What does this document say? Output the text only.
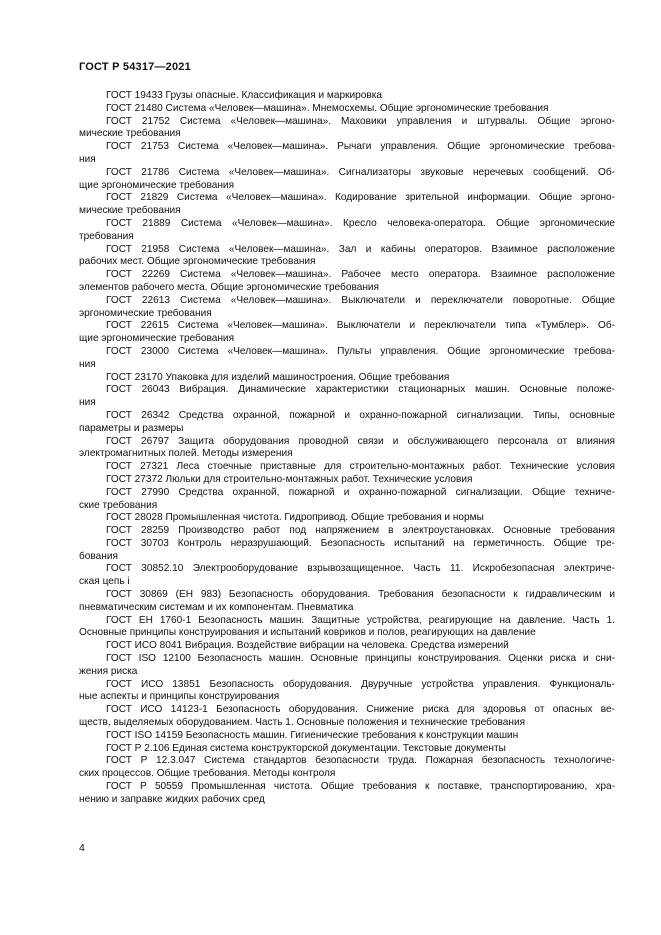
ГОСТ Р 54317—2021
ГОСТ 19433 Грузы опасные. Классификация и маркировка
ГОСТ 21480 Система «Человек—машина». Мнемосхемы. Общие эргономические требования
ГОСТ 21752 Система «Человек—машина». Маховики управления и штурвалы. Общие эргоно-
мические требования
ГОСТ 21753 Система «Человек—машина». Рычаги управления. Общие эргономические требова-
ния
ГОСТ 21786 Система «Человек—машина». Сигнализаторы звуковые неречевых сообщений. Об-
щие эргономические требования
ГОСТ 21829 Система «Человек—машина». Кодирование зрительной информации. Общие эргоно-
мические требования
ГОСТ 21889 Система «Человек—машина». Кресло человека-оператора. Общие эргономические
требования
ГОСТ 21958 Система «Человек—машина». Зал и кабины операторов. Взаимное расположение
рабочих мест. Общие эргономические требования
ГОСТ 22269 Система «Человек—машина». Рабочее место оператора. Взаимное расположение
элементов рабочего места. Общие эргономические требования
ГОСТ 22613 Система «Человек—машина». Выключатели и переключатели поворотные. Общие
эргономические требования
ГОСТ 22615 Система «Человек—машина». Выключатели и переключатели типа «Тумблер». Об-
щие эргономические требования
ГОСТ 23000 Система «Человек—машина». Пульты управления. Общие эргономические требова-
ния
ГОСТ 23170 Упаковка для изделий машиностроения. Общие требования
ГОСТ 26043 Вибрация. Динамические характеристики стационарных машин. Основные положе-
ния
ГОСТ 26342 Средства охранной, пожарной и охранно-пожарной сигнализации. Типы, основные
параметры и размеры
ГОСТ 26797 Защита оборудования проводной связи и обслуживающего персонала от влияния
электромагнитных полей. Методы измерения
ГОСТ 27321 Леса стоечные приставные для строительно-монтажных работ. Технические условия
ГОСТ 27372 Люльки для строительно-монтажных работ. Технические условия
ГОСТ 27990 Средства охранной, пожарной и охранно-пожарной сигнализации. Общие техниче-
ские требования
ГОСТ 28028 Промышленная чистота. Гидропривод. Общие требования и нормы
ГОСТ 28259 Производство работ под напряжением в электроустановках. Основные требования
ГОСТ 30703 Контроль неразрушающий. Безопасность испытаний на герметичность. Общие тре-
бования
ГОСТ 30852.10 Электрооборудование взрывозащищенное. Часть 11. Искробезопасная электриче-
ская цепь i
ГОСТ 30869 (ЕН 983) Безопасность оборудования. Требования безопасности к гидравлическим и
пневматическим системам и их компонентам. Пневматика
ГОСТ ЕН 1760-1 Безопасность машин. Защитные устройства, реагирующие на давление. Часть 1.
Основные принципы конструирования и испытаний ковриков и полов, реагирующих на давление
ГОСТ ИСО 8041 Вибрация. Воздействие вибрации на человека. Средства измерений
ГОСТ ISO 12100 Безопасность машин. Основные принципы конструирования. Оценки риска и сни-
жения риска
ГОСТ ИСО 13851 Безопасность оборудования. Двуручные устройства управления. Функциональ-
ные аспекты и принципы конструирования
ГОСТ ИСО 14123-1 Безопасность оборудования. Снижение риска для здоровья от опасных ве-
ществ, выделяемых оборудованием. Часть 1. Основные положения и технические требования
ГОСТ ISO 14159 Безопасность машин. Гигиенические требования к конструкции машин
ГОСТ Р 2.106 Единая система конструкторской документации. Текстовые документы
ГОСТ Р 12.3.047 Система стандартов безопасности труда. Пожарная безопасность технологиче-
ских процессов. Общие требования. Методы контроля
ГОСТ Р 50559 Промышленная чистота. Общие требования к поставке, транспортированию, хра-
нению и заправке жидких рабочих сред
4
